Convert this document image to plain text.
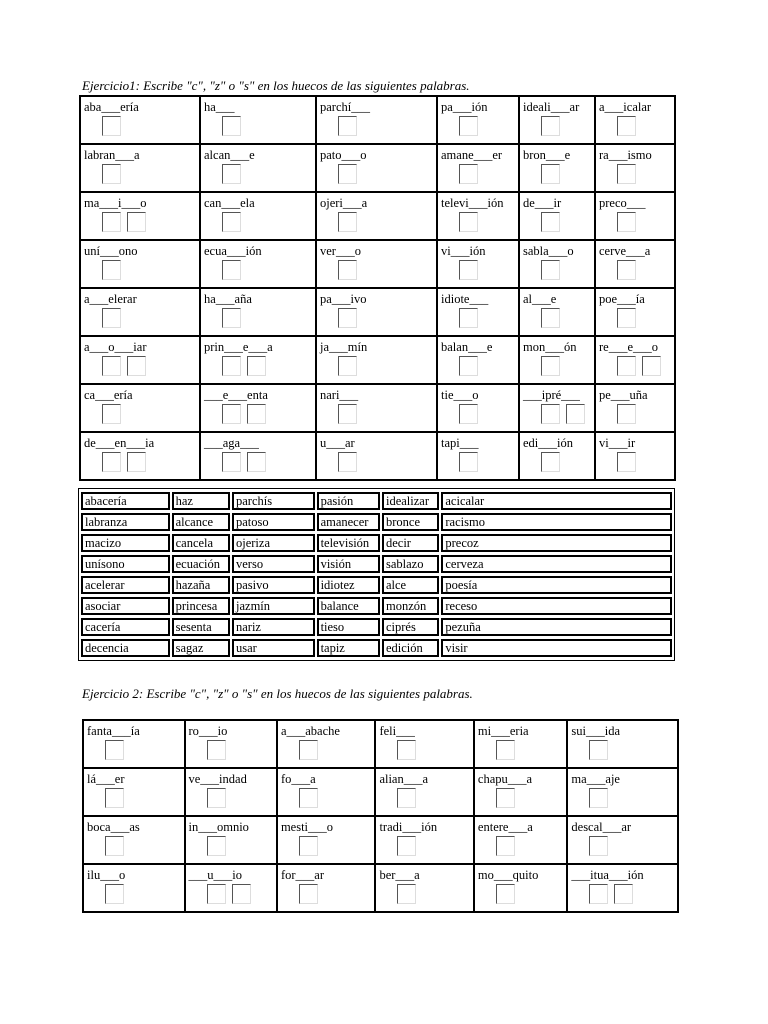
Ejercicio1: Escribe "c", "z" o "s" en los huecos de las siguientes palabras.
aba___ería	ha___	parchí___	pa___ión	ideali___ar	a___icalar

labran___a	alcan___e	pato___o	amane___er	bron___e	ra___ismo

ma___i___o	can___ela	ojeri___a	televi___ión	de___ir	preco___

uní___ono	ecua___ión	ver___o	vi___ión	sabla___o	cerve___a

a___elerar	ha___aña	pa___ivo	idiote___	al___e	poe___ía

a___o___iar	prin___e___a	ja___mín	balan___e	mon___ón	re___e___o

ca___ería	___e___enta	nari___	tie___o	___ipré___	pe___uña

de___en___ia	___aga___	u___ar	tapi___	edi___ión	vi___ir
abacería	haz	parchís	pasión	idealizar	acicalar
labranza	alcance	patoso	amanecer	bronce	racismo
macizo	cancela	ojeriza	televisión	decir	precoz
unísono	ecuación	verso	visión	sablazo	cerveza
acelerar	hazaña	pasivo	idiotez	alce	poesía
asociar	princesa	jazmín	balance	monzón	receso
cacería	sesenta	nariz	tieso	ciprés	pezuña
decencia	sagaz	usar	tapiz	edición	visir
Ejercicio 2: Escribe "c", "z" o "s" en los huecos de las siguientes palabras.
fanta___ía	ro___io	a___abache	feli___	mi___eria	sui___ida

lá___er	ve___indad	fo___a	alian___a	chapu___a	ma___aje

boca___as	in___omnio	mesti___o	tradi___ión	entere___a	descal___ar

ilu___o	___u___io	for___ar	ber___a	mo___quito	___itua___ión
